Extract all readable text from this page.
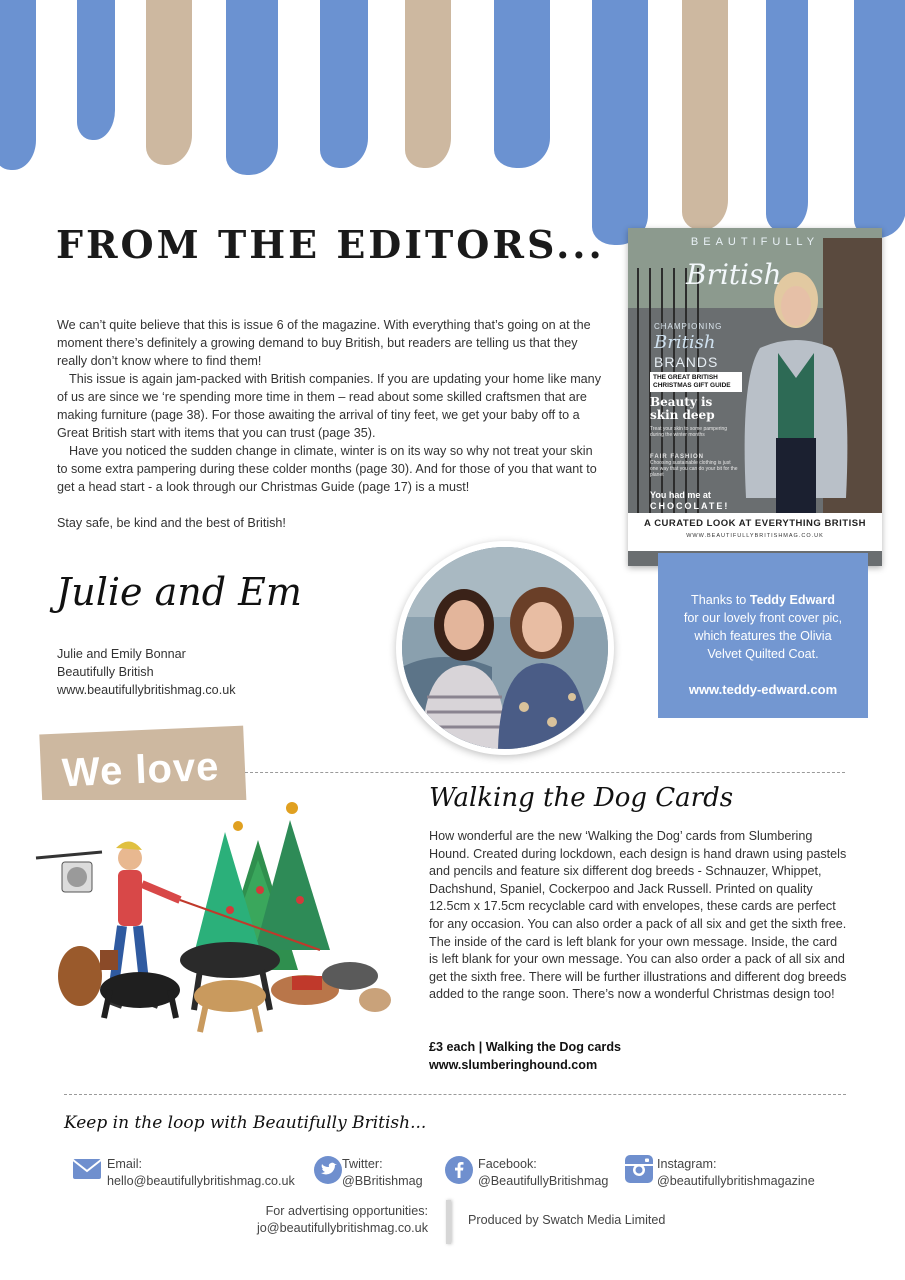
FROM THE EDITORS...

We can’t quite believe that this is issue 6 of the magazine. With everything that’s going on at the moment there’s definitely a growing demand to buy British, but readers are telling us that they really don’t know where to find them!

This issue is again jam-packed with British companies. If you are updating your home like many of us are since we ‘re spending more time in them – read about some skilled craftsmen that are making furniture (page 38). For those awaiting the arrival of tiny feet, we get your baby off to a Great British start with items that you can trust (page 35).

Have you noticed the sudden change in climate, winter is on its way so why not treat your skin to some extra pampering during these colder months (page 30). And for those of you that want to get a head start - a look through our Christmas Guide (page 17) is a must!

Stay safe, be kind and the best of British!

Julie and Em
Julie and Emily Bonnar
Beautifully British
www.beautifullybritishmag.co.uk
BEAUTIFULLY
British
CHAMPIONING
British
BRANDS
THE GREAT BRITISH
CHRISTMAS GIFT GUIDE
Beauty is skin deep
Treat your skin to some pampering during the winter months
FAIR FASHION
Choosing sustainable clothing is just one way that you can do your bit for the planet
You had me at
CHOCOLATE!
A CURATED LOOK AT EVERYTHING BRITISH
WWW.BEAUTIFULLYBRITISHMAG.CO.UK
Thanks to Teddy Edward
for our lovely front cover pic,
which features the Olivia
Velvet Quilted Coat.
www.teddy-edward.com
We love
Walking the Dog Cards
How wonderful are the new ‘Walking the Dog’ cards from Slumbering Hound. Created during lockdown, each design is hand drawn using pastels and pencils and feature six different dog breeds - Schnauzer, Whippet, Dachshund, Spaniel, Cockerpoo and Jack Russell. Printed on quality 12.5cm x 17.5cm recyclable card with envelopes, these cards are perfect for any occasion. You can also order a pack of all six and get the sixth free. The inside of the card is left blank for your own message. Inside, the card is left blank for your own message. You can also order a pack of all six and get the sixth free. There will be further illustrations and different dog breeds added to the range soon. There’s now a wonderful Christmas design too!
£3 each | Walking the Dog cards
www.slumberinghound.com
Keep in the loop with Beautifully British...
Email:
hello@beautifullybritishmag.co.uk
Twitter:
@BBritishmag
Facebook:
@BeautifullyBritishmag
Instagram:
@beautifullybritishmagazine
For advertising opportunities:
jo@beautifullybritishmag.co.uk
Produced by Swatch Media Limited
